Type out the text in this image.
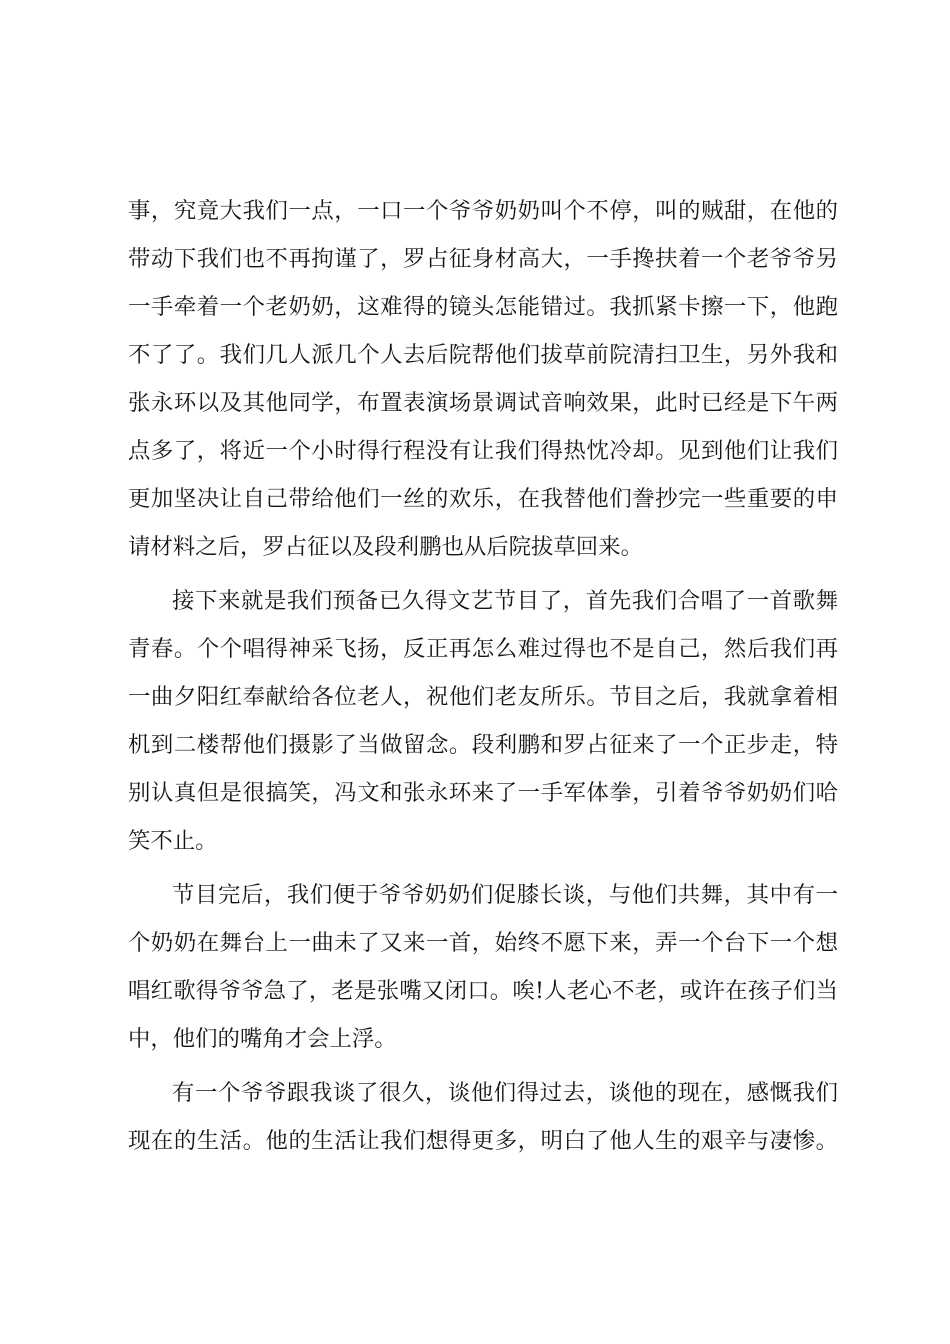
事，究竟大我们一点，一口一个爷爷奶奶叫个不停，叫的贼甜，在他的
带动下我们也不再拘谨了，罗占征身材高大，一手搀扶着一个老爷爷另
一手牵着一个老奶奶，这难得的镜头怎能错过。我抓紧卡擦一下，他跑
不了了。我们几人派几个人去后院帮他们拔草前院清扫卫生，另外我和
张永环以及其他同学，布置表演场景调试音响效果，此时已经是下午两
点多了，将近一个小时得行程没有让我们得热忱冷却。见到他们让我们
更加坚决让自己带给他们一丝的欢乐，在我替他们誊抄完一些重要的申
请材料之后，罗占征以及段利鹏也从后院拔草回来。
接下来就是我们预备已久得文艺节目了，首先我们合唱了一首歌舞
青春。个个唱得神采飞扬，反正再怎么难过得也不是自己，然后我们再
一曲夕阳红奉献给各位老人，祝他们老友所乐。节目之后，我就拿着相
机到二楼帮他们摄影了当做留念。段利鹏和罗占征来了一个正步走，特
别认真但是很搞笑，冯文和张永环来了一手军体拳，引着爷爷奶奶们哈
笑不止。
节目完后，我们便于爷爷奶奶们促膝长谈，与他们共舞，其中有一
个奶奶在舞台上一曲未了又来一首，始终不愿下来，弄一个台下一个想
唱红歌得爷爷急了，老是张嘴又闭口。唉!人老心不老，或许在孩子们当
中，他们的嘴角才会上浮。
有一个爷爷跟我谈了很久，谈他们得过去，谈他的现在，感慨我们
现在的生活。他的生活让我们想得更多，明白了他人生的艰辛与凄惨。
